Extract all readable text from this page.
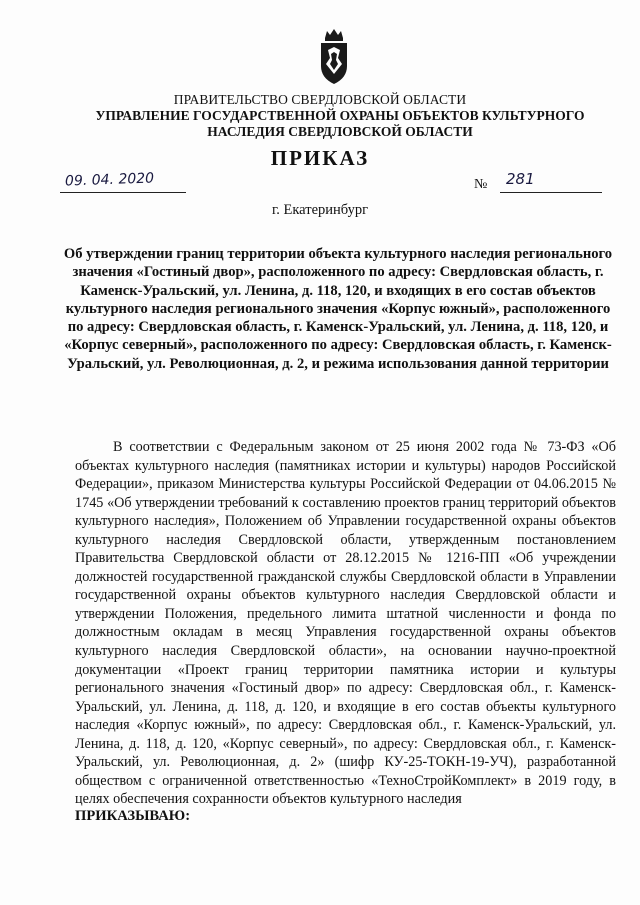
ПРАВИТЕЛЬСТВО СВЕРДЛОВСКОЙ ОБЛАСТИ
УПРАВЛЕНИЕ ГОСУДАРСТВЕННОЙ ОХРАНЫ ОБЪЕКТОВ КУЛЬТУРНОГО НАСЛЕДИЯ СВЕРДЛОВСКОЙ ОБЛАСТИ
ПРИКАЗ
09. 04. 2020	№ 281
г. Екатеринбург
Об утверждении границ территории объекта культурного наследия регионального значения «Гостиный двор», расположенного по адресу: Свердловская область, г. Каменск-Уральский, ул. Ленина, д. 118, 120, и входящих в его состав объектов культурного наследия регионального значения «Корпус южный», расположенного по адресу: Свердловская область, г. Каменск-Уральский, ул. Ленина, д. 118, 120, и «Корпус северный», расположенного по адресу: Свердловская область, г. Каменск-Уральский, ул. Революционная, д. 2, и режима использования данной территории

В соответствии с Федеральным законом от 25 июня 2002 года № 73-ФЗ «Об объектах культурного наследия (памятниках истории и культуры) народов Российской Федерации», приказом Министерства культуры Российской Федерации от 04.06.2015 № 1745 «Об утверждении требований к составлению проектов границ территорий объектов культурного наследия», Положением об Управлении государственной охраны объектов культурного наследия Свердловской области, утвержденным постановлением Правительства Свердловской области от 28.12.2015 № 1216-ПП «Об учреждении должностей государственной гражданской службы Свердловской области в Управлении государственной охраны объектов культурного наследия Свердловской области и утверждении Положения, предельного лимита штатной численности и фонда по должностным окладам в месяц Управления государственной охраны объектов культурного наследия Свердловской области», на основании научно-проектной документации «Проект границ территории памятника истории и культуры регионального значения «Гостиный двор» по адресу: Свердловская обл., г. Каменск-Уральский, ул. Ленина, д. 118, д. 120, и входящие в его состав объекты культурного наследия «Корпус южный», по адресу: Свердловская обл., г. Каменск-Уральский, ул. Ленина, д. 118, д. 120, «Корпус северный», по адресу: Свердловская обл., г. Каменск-Уральский, ул. Революционная, д. 2» (шифр КУ-25-ТОКН-19-УЧ), разработанной обществом с ограниченной ответственностью «ТехноСтройКомплект» в 2019 году, в целях обеспечения сохранности объектов культурного наследия

ПРИКАЗЫВАЮ:
